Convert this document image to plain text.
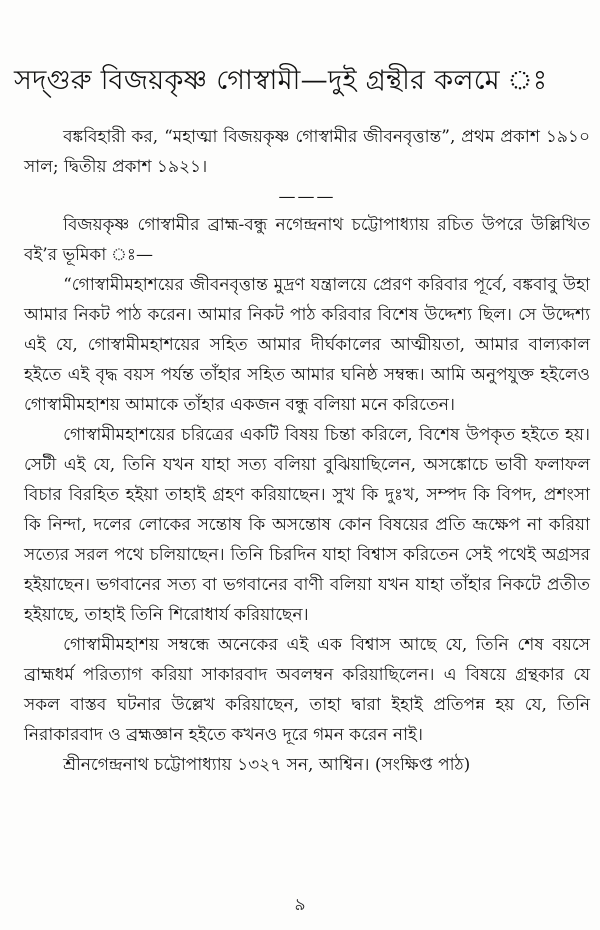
সদ্‌গুরু বিজয়কৃষ্ণ গোস্বামী—দুই গ্রন্থীর কলমে ঃ

বঙ্কবিহারী কর, “মহাত্মা বিজয়কৃষ্ণ গোস্বামীর জীবনবৃত্তান্ত”, প্রথম প্রকাশ ১৯১০ সাল; দ্বিতীয় প্রকাশ ১৯২১।

———

বিজয়কৃষ্ণ গোস্বামীর ব্রাহ্ম-বন্ধু নগেন্দ্রনাথ চট্টোপাধ্যায় রচিত উপরে উল্লিখিত বই’র ভূমিকা ঃ—

“গোস্বামীমহাশয়ের জীবনবৃত্তান্ত মুদ্রণ যন্ত্রালয়ে প্রেরণ করিবার পূর্বে, বঙ্কবাবু উহা আমার নিকট পাঠ করেন। আমার নিকট পাঠ করিবার বিশেষ উদ্দেশ্য ছিল। সে উদ্দেশ্য এই যে, গোস্বামীমহাশয়ের সহিত আমার দীর্ঘকালের আত্মীয়তা, আমার বাল্যকাল হইতে এই বৃদ্ধ বয়স পর্যন্ত তাঁহার সহিত আমার ঘনিষ্ঠ সম্বন্ধ। আমি অনুপযুক্ত হইলেও গোস্বামীমহাশয় আমাকে তাঁহার একজন বন্ধু বলিয়া মনে করিতেন।

গোস্বামীমহাশয়ের চরিত্রের একটি বিষয় চিন্তা করিলে, বিশেষ উপকৃত হইতে হয়। সেটী এই যে, তিনি যখন যাহা সত্য বলিয়া বুঝিয়াছিলেন, অসঙ্কোচে ভাবী ফলাফল বিচার বিরহিত হইয়া তাহাই গ্রহণ করিয়াছেন। সুখ কি দুঃখ, সম্পদ কি বিপদ, প্রশংসা কি নিন্দা, দলের লোকের সন্তোষ কি অসন্তোষ কোন বিষয়ের প্রতি ভ্রূক্ষেপ না করিয়া সত্যের সরল পথে চলিয়াছেন। তিনি চিরদিন যাহা বিশ্বাস করিতেন সেই পথেই অগ্রসর হইয়াছেন। ভগবানের সত্য বা ভগবানের বাণী বলিয়া যখন যাহা তাঁহার নিকটে প্রতীত হইয়াছে, তাহাই তিনি শিরোধার্য করিয়াছেন।

গোস্বামীমহাশয় সম্বন্ধে অনেকের এই এক বিশ্বাস আছে যে, তিনি শেষ বয়সে ব্রাহ্মধর্ম পরিত্যাগ করিয়া সাকারবাদ অবলম্বন করিয়াছিলেন। এ বিষয়ে গ্রন্থকার যে সকল বাস্তব ঘটনার উল্লেখ করিয়াছেন, তাহা দ্বারা ইহাই প্রতিপন্ন হয় যে, তিনি নিরাকারবাদ ও ব্রহ্মজ্ঞান হইতে কখনও দূরে গমন করেন নাই।

শ্রীনগেন্দ্রনাথ চট্টোপাধ্যায় ১৩২৭ সন, আশ্বিন। (সংক্ষিপ্ত পাঠ)

৯
